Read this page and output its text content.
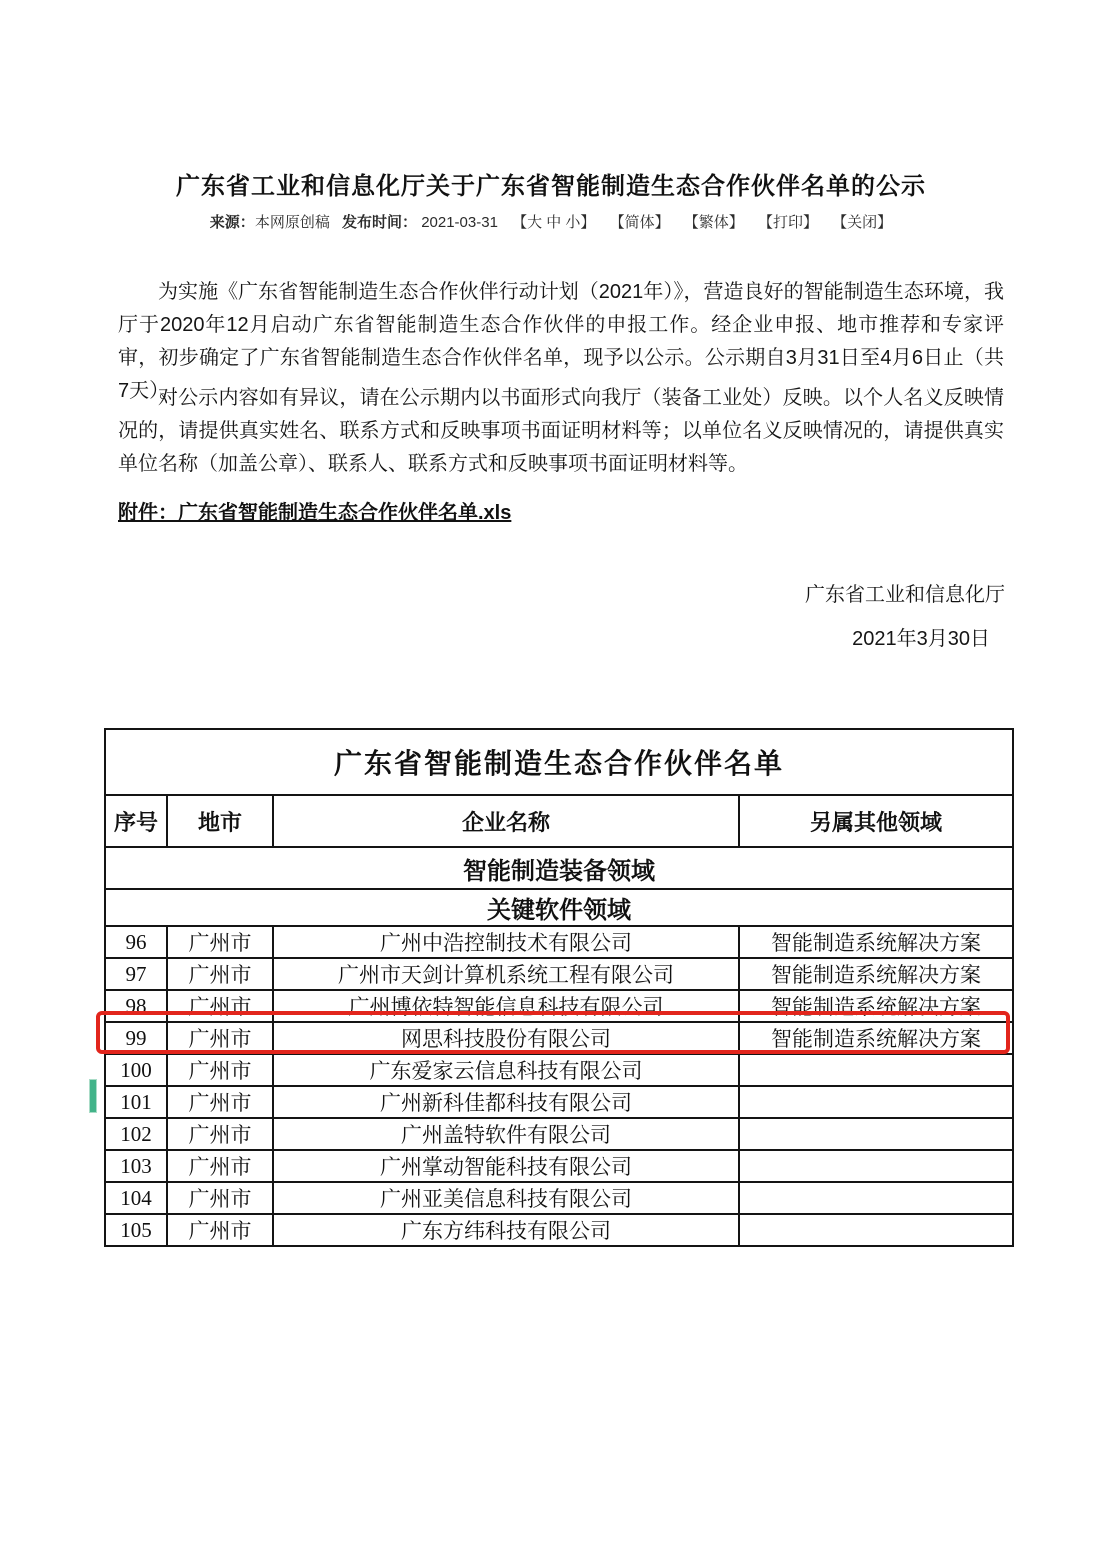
广东省工业和信息化厅关于广东省智能制造生态合作伙伴名单的公示
来源：本网原创稿 发布时间： 2021-03-31 【大 中 小】 【简体】 【繁体】 【打印】 【关闭】

为实施《广东省智能制造生态合作伙伴行动计划（2021年）》，营造良好的智能制造生态环境，我厅于2020年12月启动广东省智能制造生态合作伙伴的申报工作。经企业申报、地市推荐和专家评审，初步确定了广东省智能制造生态合作伙伴名单，现予以公示。公示期自3月31日至4月6日止（共7天）。

对公示内容如有异议，请在公示期内以书面形式向我厅（装备工业处）反映。以个人名义反映情况的，请提供真实姓名、联系方式和反映事项书面证明材料等；以单位名义反映情况的，请提供真实单位名称（加盖公章）、联系人、联系方式和反映事项书面证明材料等。

附件：广东省智能制造生态合作伙伴名单.xls
广东省工业和信息化厅
2021年3月30日
广东省智能制造生态合作伙伴名单			
序号	地市	企业名称	另属其他领域
智能制造装备领域			
关键软件领域			
96	广州市	广州中浩控制技术有限公司	智能制造系统解决方案
97	广州市	广州市天剑计算机系统工程有限公司	智能制造系统解决方案
98	广州市	广州博依特智能信息科技有限公司	智能制造系统解决方案
99	广州市	网思科技股份有限公司	智能制造系统解决方案
100	广州市	广东爱家云信息科技有限公司	
101	广州市	广州新科佳都科技有限公司	
102	广州市	广州盖特软件有限公司	
103	广州市	广州掌动智能科技有限公司	
104	广州市	广州亚美信息科技有限公司	
105	广州市	广东方纬科技有限公司	
